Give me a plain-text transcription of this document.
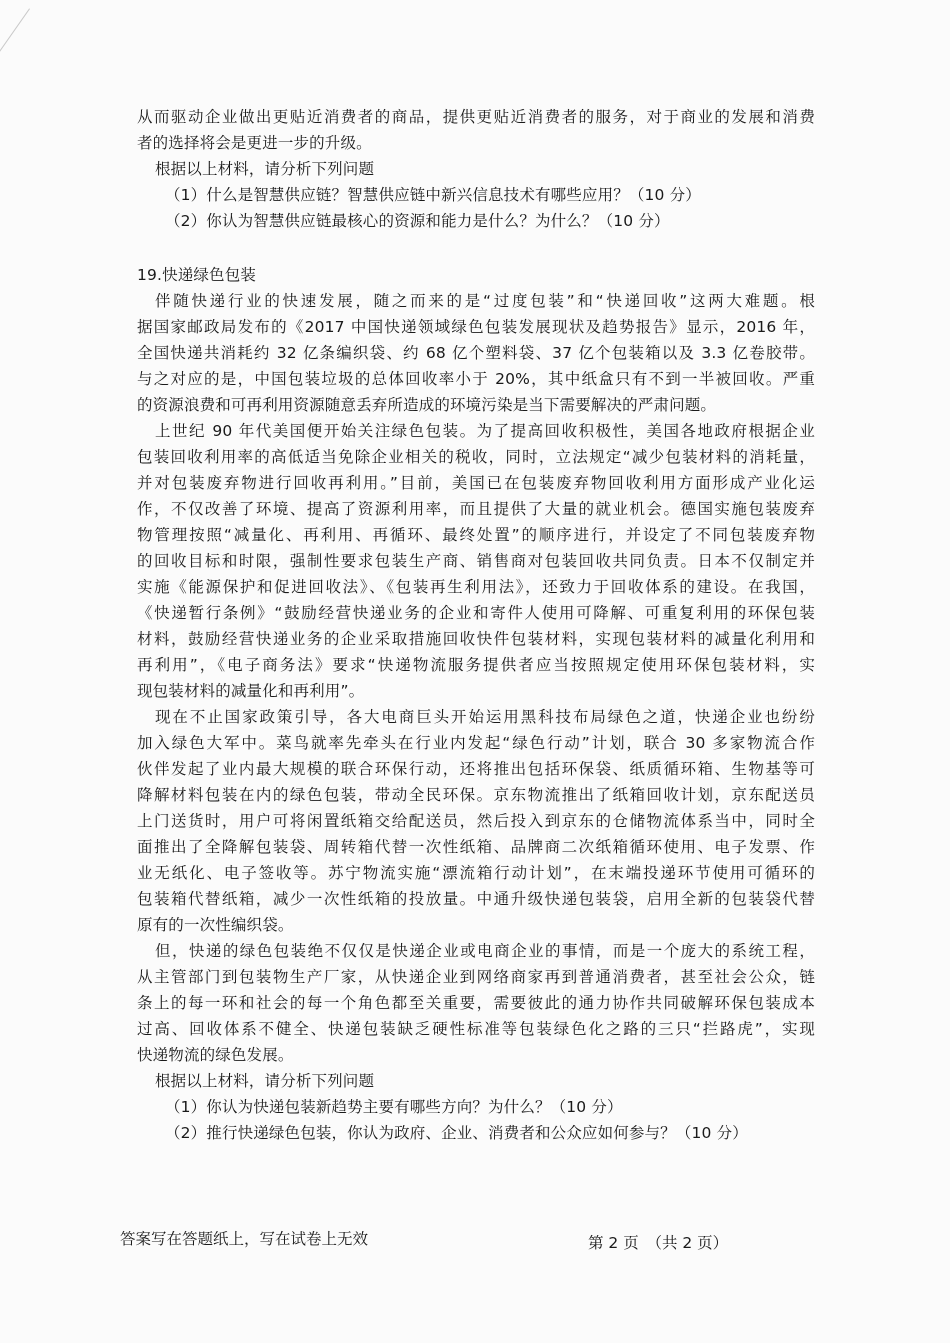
从而驱动企业做出更贴近消费者的商品，提供更贴近消费者的服务，对于商业的发展和消费
者的选择将会是更进一步的升级。
根据以上材料，请分析下列问题
（1）什么是智慧供应链？智慧供应链中新兴信息技术有哪些应用？（10 分）
（2）你认为智慧供应链最核心的资源和能力是什么？为什么？（10 分）
19.快递绿色包装
伴随快递行业的快速发展，随之而来的是“过度包装”和“快递回收”这两大难题。根
据国家邮政局发布的《2017 中国快递领域绿色包装发展现状及趋势报告》显示，2016 年，
全国快递共消耗约 32 亿条编织袋、约 68 亿个塑料袋、37 亿个包装箱以及 3.3 亿卷胶带。
与之对应的是，中国包装垃圾的总体回收率小于 20%，其中纸盒只有不到一半被回收。严重
的资源浪费和可再利用资源随意丢弃所造成的环境污染是当下需要解决的严肃问题。
上世纪 90 年代美国便开始关注绿色包装。为了提高回收积极性，美国各地政府根据企业
包装回收利用率的高低适当免除企业相关的税收，同时，立法规定“减少包装材料的消耗量，
并对包装废弃物进行回收再利用。”目前，美国已在包装废弃物回收利用方面形成产业化运
作，不仅改善了环境、提高了资源利用率，而且提供了大量的就业机会。德国实施包装废弃
物管理按照“减量化、再利用、再循环、最终处置”的顺序进行，并设定了不同包装废弃物
的回收目标和时限，强制性要求包装生产商、销售商对包装回收共同负责。日本不仅制定并
实施《能源保护和促进回收法》、《包装再生利用法》，还致力于回收体系的建设。在我国，
《快递暂行条例》“鼓励经营快递业务的企业和寄件人使用可降解、可重复利用的环保包装
材料，鼓励经营快递业务的企业采取措施回收快件包装材料，实现包装材料的减量化利用和
再利用”，《电子商务法》要求“快递物流服务提供者应当按照规定使用环保包装材料，实
现包装材料的减量化和再利用”。
现在不止国家政策引导，各大电商巨头开始运用黑科技布局绿色之道，快递企业也纷纷
加入绿色大军中。菜鸟就率先牵头在行业内发起“绿色行动”计划，联合 30 多家物流合作
伙伴发起了业内最大规模的联合环保行动，还将推出包括环保袋、纸质循环箱、生物基等可
降解材料包装在内的绿色包装，带动全民环保。京东物流推出了纸箱回收计划，京东配送员
上门送货时，用户可将闲置纸箱交给配送员，然后投入到京东的仓储物流体系当中，同时全
面推出了全降解包装袋、周转箱代替一次性纸箱、品牌商二次纸箱循环使用、电子发票、作
业无纸化、电子签收等。苏宁物流实施“漂流箱行动计划”，在末端投递环节使用可循环的
包装箱代替纸箱，减少一次性纸箱的投放量。中通升级快递包装袋，启用全新的包装袋代替
原有的一次性编织袋。
但，快递的绿色包装绝不仅仅是快递企业或电商企业的事情，而是一个庞大的系统工程，
从主管部门到包装物生产厂家，从快递企业到网络商家再到普通消费者，甚至社会公众，链
条上的每一环和社会的每一个角色都至关重要，需要彼此的通力协作共同破解环保包装成本
过高、回收体系不健全、快递包装缺乏硬性标准等包装绿色化之路的三只“拦路虎”，实现
快递物流的绿色发展。
根据以上材料，请分析下列问题
（1）你认为快递包装新趋势主要有哪些方向？为什么？（10 分）
（2）推行快递绿色包装，你认为政府、企业、消费者和公众应如何参与？（10 分）
答案写在答题纸上，写在试卷上无效	第 2 页　（共 2 页）
